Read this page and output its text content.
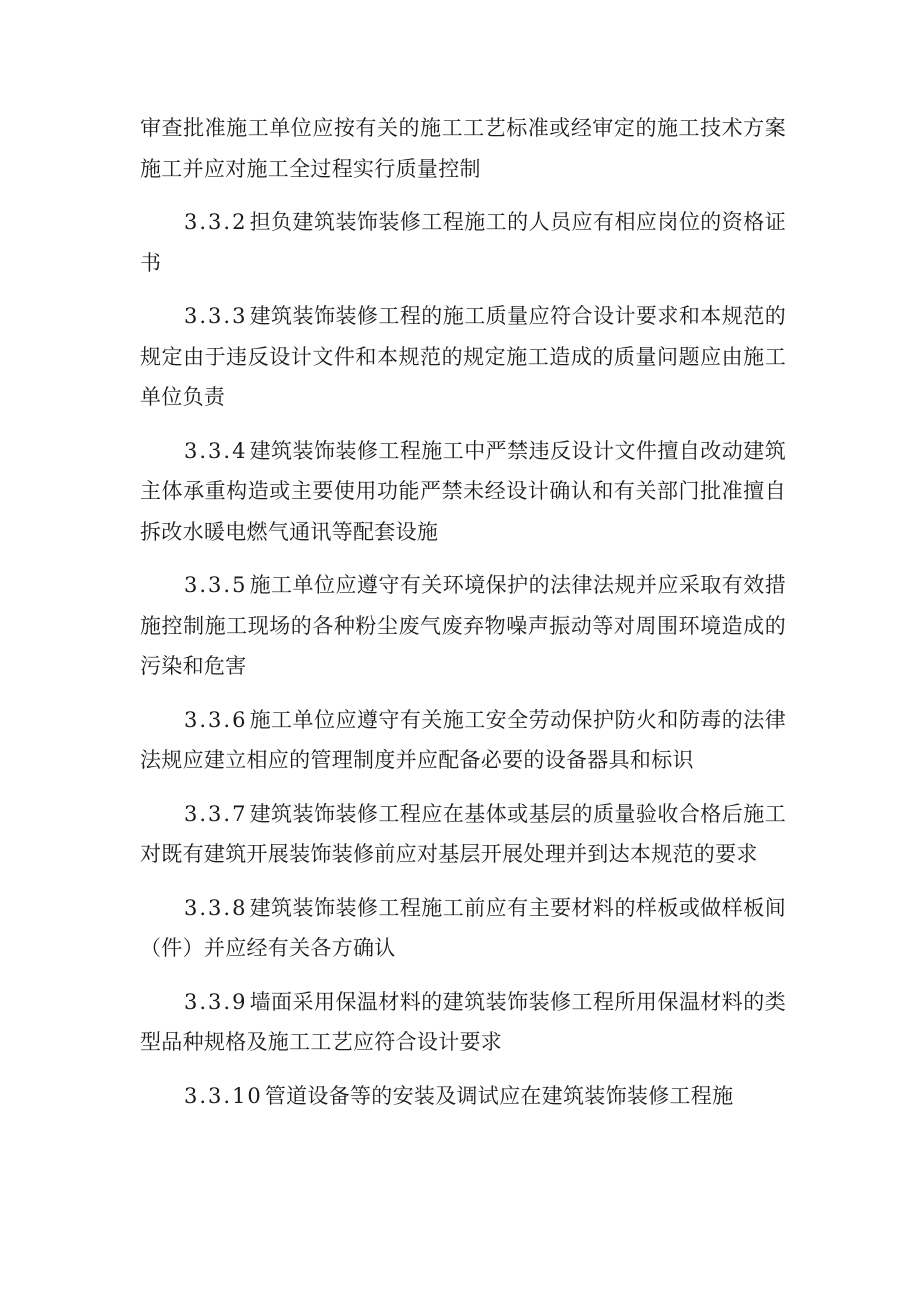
审查批准施工单位应按有关的施工工艺标准或经审定的施工技术方案施工并应对施工全过程实行质量控制

3.3.2担负建筑装饰装修工程施工的人员应有相应岗位的资格证书

3.3.3建筑装饰装修工程的施工质量应符合设计要求和本规范的规定由于违反设计文件和本规范的规定施工造成的质量问题应由施工单位负责

3.3.4建筑装饰装修工程施工中严禁违反设计文件擅自改动建筑主体承重构造或主要使用功能严禁未经设计确认和有关部门批准擅自拆改水暖电燃气通讯等配套设施

3.3.5施工单位应遵守有关环境保护的法律法规并应采取有效措施控制施工现场的各种粉尘废气废弃物噪声振动等对周围环境造成的污染和危害

3.3.6施工单位应遵守有关施工安全劳动保护防火和防毒的法律法规应建立相应的管理制度并应配备必要的设备器具和标识

3.3.7建筑装饰装修工程应在基体或基层的质量验收合格后施工对既有建筑开展装饰装修前应对基层开展处理并到达本规范的要求

3.3.8建筑装饰装修工程施工前应有主要材料的样板或做样板间（件）并应经有关各方确认

3.3.9墙面采用保温材料的建筑装饰装修工程所用保温材料的类型品种规格及施工工艺应符合设计要求

3.3.10管道设备等的安装及调试应在建筑装饰装修工程施
